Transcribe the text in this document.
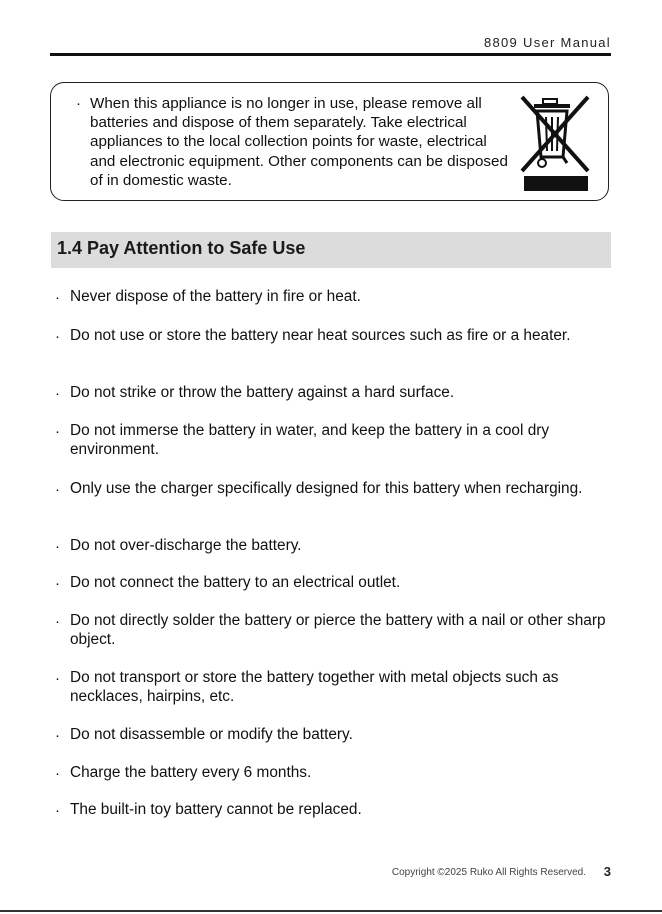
8809 User Manual
· When this appliance is no longer in use, please remove all batteries and dispose of them separately. Take electrical appliances to the local collection points for waste, electrical and electronic equipment. Other components can be disposed of in domestic waste.
1.4 Pay Attention to Safe Use
· Never dispose of the battery in fire or heat.
· Do not use or store the battery near heat sources such as fire or a heater.
· Do not strike or throw the battery against a hard surface.
· Do not immerse the battery in water, and keep the battery in a cool dry environment.
· Only use the charger specifically designed for this battery when recharging.
· Do not over-discharge the battery.
· Do not connect the battery to an electrical outlet.
· Do not directly solder the battery or pierce the battery with a nail or other sharp object.
· Do not transport or store the battery together with metal objects such as necklaces, hairpins, etc.
· Do not disassemble or modify the battery.
· Charge the battery every 6 months.
· The built-in toy battery cannot be replaced.
Copyright ©2025 Ruko All Rights Reserved. 3
